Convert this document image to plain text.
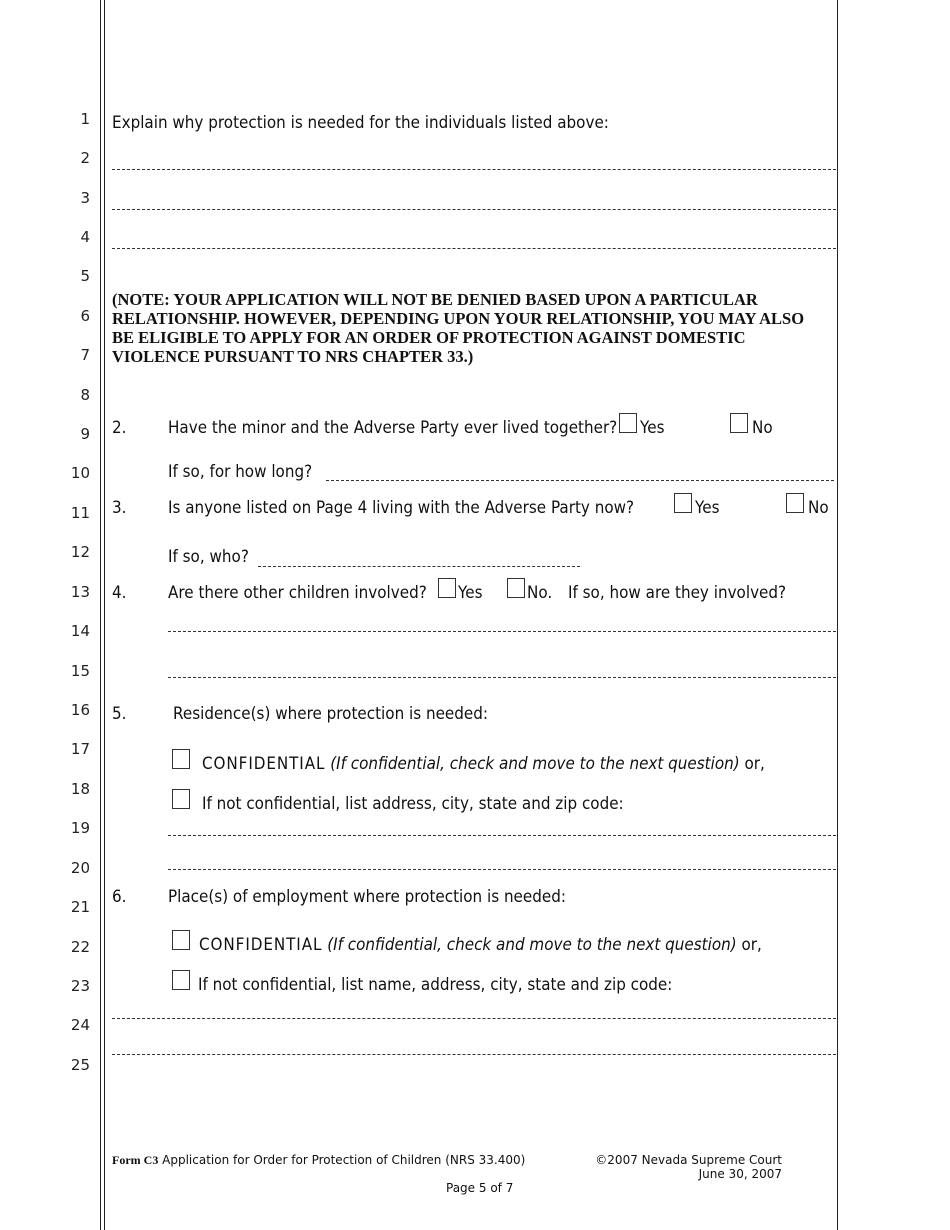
1
2
3
4
5
6
7
8
9
10
11
12
13
14
15
16
17
18
19
20
21
22
23
24
25
Explain why protection is needed for the individuals listed above:
(NOTE: YOUR APPLICATION WILL NOT BE DENIED BASED UPON A PARTICULAR RELATIONSHIP. HOWEVER, DEPENDING UPON YOUR RELATIONSHIP, YOU MAY ALSO BE ELIGIBLE TO APPLY FOR AN ORDER OF PROTECTION AGAINST DOMESTIC VIOLENCE PURSUANT TO NRS CHAPTER 33.)
2.	Have the minor and the Adverse Party ever lived together? Yes	No
If so, for how long?
3.	Is anyone listed on Page 4 living with the Adverse Party now?	Yes	No
If so, who?
4.	Are there other children involved? Yes	No. If so, how are they involved?
5.	Residence(s) where protection is needed:
CONFIDENTIAL (If confidential, check and move to the next question) or,
If not confidential, list address, city, state and zip code:
6.	Place(s) of employment where protection is needed:
CONFIDENTIAL (If confidential, check and move to the next question) or,
If not confidential, list name, address, city, state and zip code:
Form C3 Application for Order for Protection of Children (NRS 33.400)	©2007 Nevada Supreme Court
June 30, 2007
Page 5 of 7
